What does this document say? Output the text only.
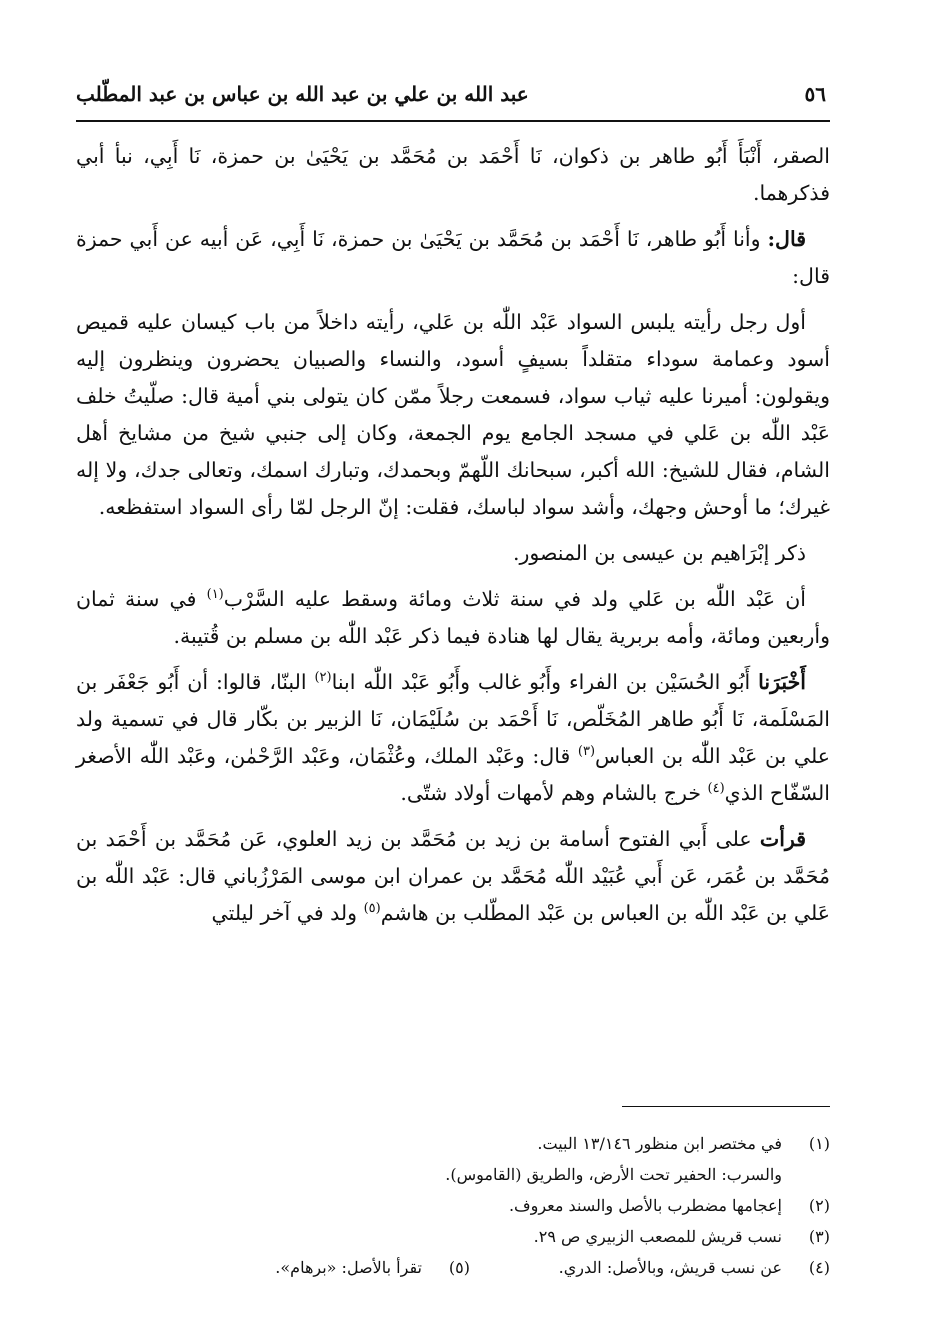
٥٦
عبد الله بن علي بن عبد الله بن عباس بن عبد المطّلب

الصقر، أَنْبَأَ أَبُو طاهر بن ذكوان، نَا أَحْمَد بن مُحَمَّد بن يَحْيَىٰ بن حمزة، نَا أَبِي، نبأ أبي فذكرهما.

قال: وأنا أَبُو طاهر، نَا أَحْمَد بن مُحَمَّد بن يَحْيَىٰ بن حمزة، نَا أَبِي، عَن أبيه عن أَبي حمزة قال:

أول رجل رأيته يلبس السواد عَبْد اللّٰه بن عَلي، رأيته داخلاً من باب كيسان عليه قميص أسود وعمامة سوداء متقلداً بسيفٍ أسود، والنساء والصبيان يحضرون وينظرون إليه ويقولون: أميرنا عليه ثياب سواد، فسمعت رجلاً ممّن كان يتولى بني أمية قال: صلّيتُ خلف عَبْد اللّٰه بن عَلي في مسجد الجامع يوم الجمعة، وكان إلى جنبي شيخ من مشايخ أهل الشام، فقال للشيخ: الله أكبر، سبحانك اللّهمّ وبحمدك، وتبارك اسمك، وتعالى جدك، ولا إله غيرك؛ ما أوحش وجهك، وأشد سواد لباسك، فقلت: إنّ الرجل لمّا رأى السواد استفظعه.

ذكر إبْرَاهيم بن عيسى بن المنصور.

أن عَبْد اللّٰه بن عَلي ولد في سنة ثلاث ومائة وسقط عليه السَّرْب$^{(١)}$ في سنة ثمان وأربعين ومائة، وأمه بربرية يقال لها هنادة فيما ذكر عَبْد اللّٰه بن مسلم بن قُتيبة.

أَخْبَرَنا أَبُو الحُسَيْن بن الفراء وأَبُو غالب وأَبُو عَبْد اللّٰه ابنا$^{(٢)}$ البنّا، قالوا: أن أَبُو جَعْفَر بن المَسْلَمة، نَا أَبُو طاهر المُخَلّص، نَا أَحْمَد بن سُلَيْمَان، نَا الزبير بن بكّار قال في تسمية ولد علي بن عَبْد اللّٰه بن العباس$^{(٣)}$ قال: وعَبْد الملك، وعُثْمَان، وعَبْد الرَّحْمٰن، وعَبْد اللّٰه الأصغر السّفّاح الذي$^{(٤)}$ خرج بالشام وهم لأمهات أولاد شتّى.

قرأت على أَبي الفتوح أسامة بن زيد بن مُحَمَّد بن زيد العلوي، عَن مُحَمَّد بن أَحْمَد بن مُحَمَّد بن عُمَر، عَن أَبي عُبَيْد اللّٰه مُحَمَّد بن عمران ابن موسى المَرْزُباني قال: عَبْد اللّٰه بن عَلي بن عَبْد اللّٰه بن العباس بن عَبْد المطّلب بن هاشم$^{(٥)}$ ولد في آخر ليلتي

(١)
في مختصر ابن منظور ١٣/١٤٦ البيت.
والسرب: الحفير تحت الأرض، والطريق (القاموس).
(٢)
إعجامها مضطرب بالأصل والسند معروف.
(٣)
نسب قريش للمصعب الزبيري ص ٢٩.
(٤)
عن نسب قريش، وبالأصل: الدري.
(٥)
تقرأ بالأصل: «برهام».
